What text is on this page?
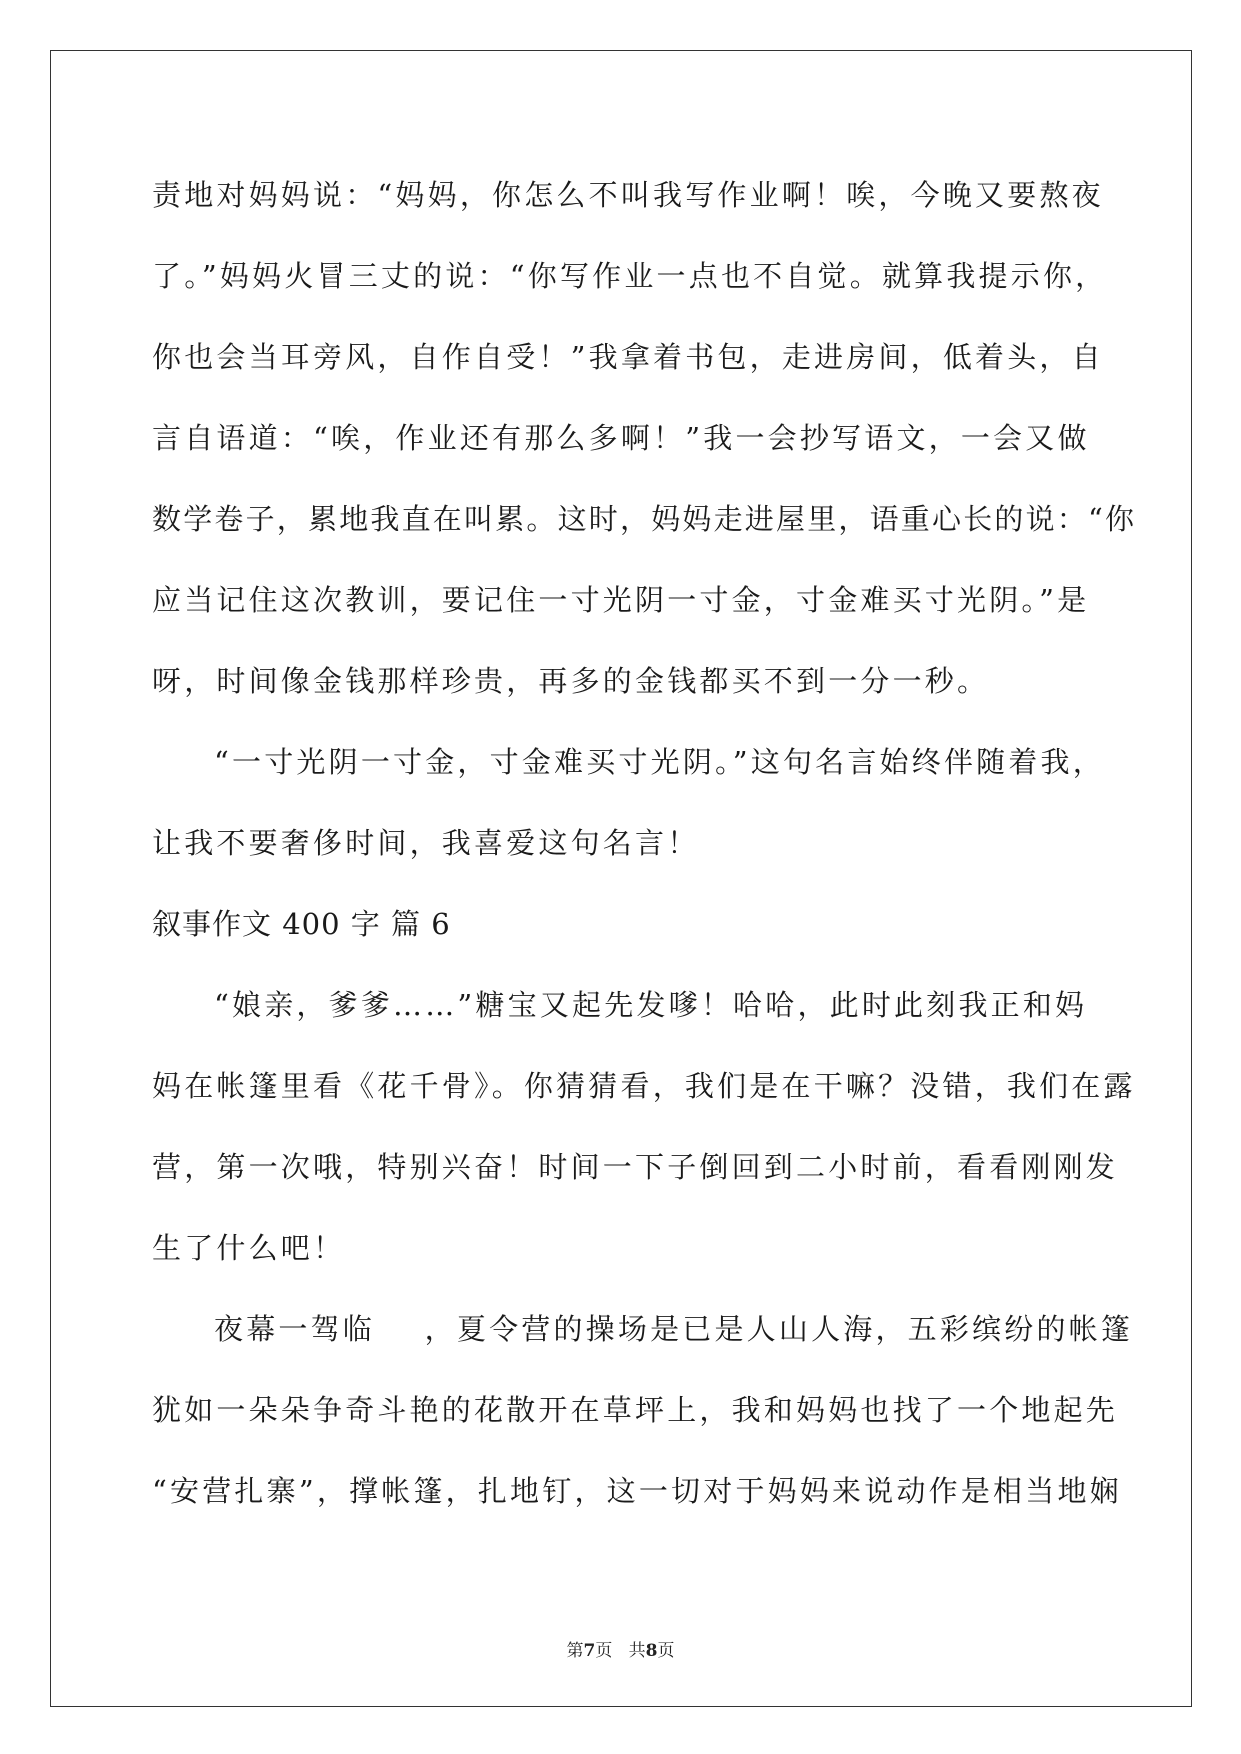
责地对妈妈说：“妈妈，你怎么不叫我写作业啊！唉，今晚又要熬夜
了。”妈妈火冒三丈的说：“你写作业一点也不自觉。就算我提示你，
你也会当耳旁风，自作自受！”我拿着书包，走进房间，低着头，自
言自语道：“唉，作业还有那么多啊！”我一会抄写语文，一会又做
数学卷子，累地我直在叫累。这时，妈妈走进屋里，语重心长的说：“你
应当记住这次教训，要记住一寸光阴一寸金，寸金难买寸光阴。”是
呀，时间像金钱那样珍贵，再多的金钱都买不到一分一秒。
“一寸光阴一寸金，寸金难买寸光阴。”这句名言始终伴随着我，
让我不要奢侈时间，我喜爱这句名言！
叙事作文 400 字 篇 6
“娘亲，爹爹……”糖宝又起先发嗲！哈哈，此时此刻我正和妈
妈在帐篷里看《花千骨》。你猜猜看，我们是在干嘛？没错，我们在露
营，第一次哦，特别兴奋！时间一下子倒回到二小时前，看看刚刚发
生了什么吧！
夜幕一驾临    ，夏令营的操场是已是人山人海，五彩缤纷的帐篷
犹如一朵朵争奇斗艳的花散开在草坪上，我和妈妈也找了一个地起先
“安营扎寨”，撑帐篷，扎地钉，这一切对于妈妈来说动作是相当地娴
第7页   共8页
